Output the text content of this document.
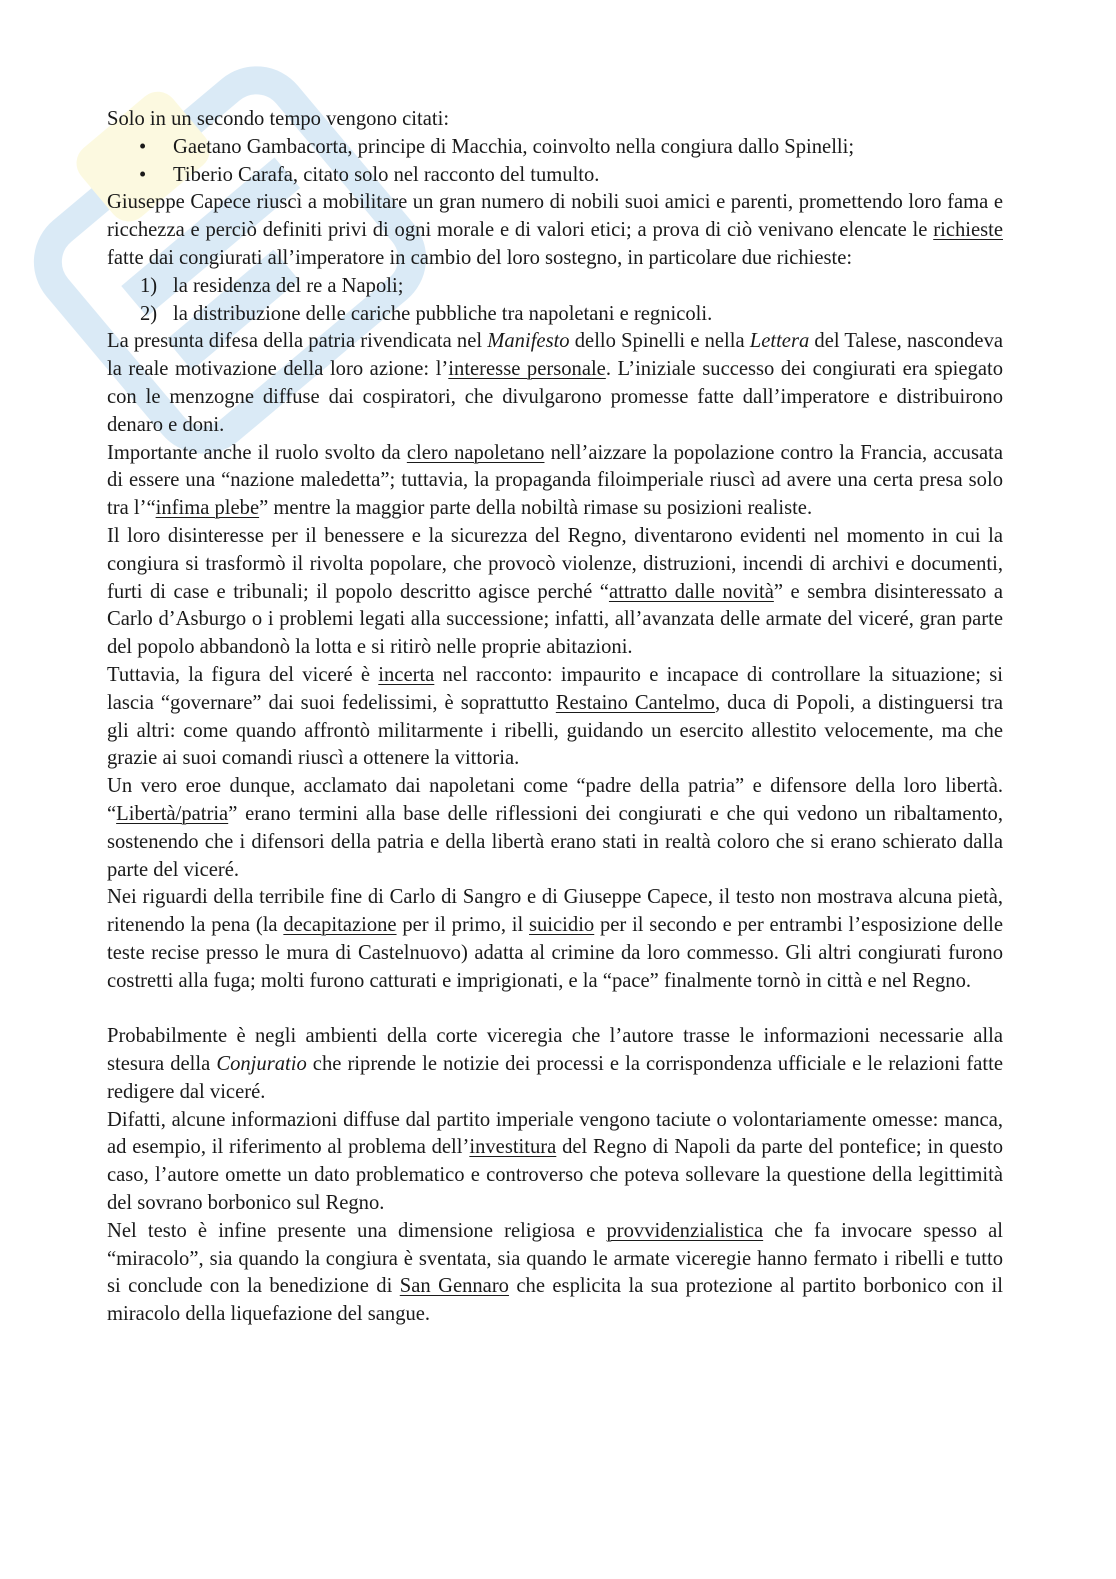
Solo in un secondo tempo vengono citati:

• Gaetano Gambacorta, principe di Macchia, coinvolto nella congiura dallo Spinelli;
• Tiberio Carafa, citato solo nel racconto del tumulto.

Giuseppe Capece riuscì a mobilitare un gran numero di nobili suoi amici e parenti, promettendo loro fama e ricchezza e perciò definiti privi di ogni morale e di valori etici; a prova di ciò venivano elencate le richieste fatte dai congiurati all’imperatore in cambio del loro sostegno, in particolare due richieste:

1) la residenza del re a Napoli;
2) la distribuzione delle cariche pubbliche tra napoletani e regnicoli.

La presunta difesa della patria rivendicata nel Manifesto dello Spinelli e nella Lettera del Talese, nascondeva la reale motivazione della loro azione: l’interesse personale. L’iniziale successo dei congiurati era spiegato con le menzogne diffuse dai cospiratori, che divulgarono promesse fatte dall’imperatore e distribuirono denaro e doni.

Importante anche il ruolo svolto da clero napoletano nell’aizzare la popolazione contro la Francia, accusata di essere una “nazione maledetta”; tuttavia, la propaganda filoimperiale riuscì ad avere una certa presa solo tra l’“infima plebe” mentre la maggior parte della nobiltà rimase su posizioni realiste.

Il loro disinteresse per il benessere e la sicurezza del Regno, diventarono evidenti nel momento in cui la congiura si trasformò il rivolta popolare, che provocò violenze, distruzioni, incendi di archivi e documenti, furti di case e tribunali; il popolo descritto agisce perché “attratto dalle novità” e sembra disinteressato a Carlo d’Asburgo o i problemi legati alla successione; infatti, all’avanzata delle armate del viceré, gran parte del popolo abbandonò la lotta e si ritirò nelle proprie abitazioni.

Tuttavia, la figura del viceré è incerta nel racconto: impaurito e incapace di controllare la situazione; si lascia “governare” dai suoi fedelissimi, è soprattutto Restaino Cantelmo, duca di Popoli, a distinguersi tra gli altri: come quando affrontò militarmente i ribelli, guidando un esercito allestito velocemente, ma che grazie ai suoi comandi riuscì a ottenere la vittoria.

Un vero eroe dunque, acclamato dai napoletani come “padre della patria” e difensore della loro libertà. “Libertà/patria” erano termini alla base delle riflessioni dei congiurati e che qui vedono un ribaltamento, sostenendo che i difensori della patria e della libertà erano stati in realtà coloro che si erano schierato dalla parte del viceré.

Nei riguardi della terribile fine di Carlo di Sangro e di Giuseppe Capece, il testo non mostrava alcuna pietà, ritenendo la pena (la decapitazione per il primo, il suicidio per il secondo e per entrambi l’esposizione delle teste recise presso le mura di Castelnuovo) adatta al crimine da loro commesso. Gli altri congiurati furono costretti alla fuga; molti furono catturati e imprigionati, e la “pace” finalmente tornò in città e nel Regno.

Probabilmente è negli ambienti della corte viceregia che l’autore trasse le informazioni necessarie alla stesura della Conjuratio che riprende le notizie dei processi e la corrispondenza ufficiale e le relazioni fatte redigere dal viceré.

Difatti, alcune informazioni diffuse dal partito imperiale vengono taciute o volontariamente omesse: manca, ad esempio, il riferimento al problema dell’investitura del Regno di Napoli da parte del pontefice; in questo caso, l’autore omette un dato problematico e controverso che poteva sollevare la questione della legittimità del sovrano borbonico sul Regno.

Nel testo è infine presente una dimensione religiosa e provvidenzialistica che fa invocare spesso al “miracolo”, sia quando la congiura è sventata, sia quando le armate viceregie hanno fermato i ribelli e tutto si conclude con la benedizione di San Gennaro che esplicita la sua protezione al partito borbonico con il miracolo della liquefazione del sangue.
